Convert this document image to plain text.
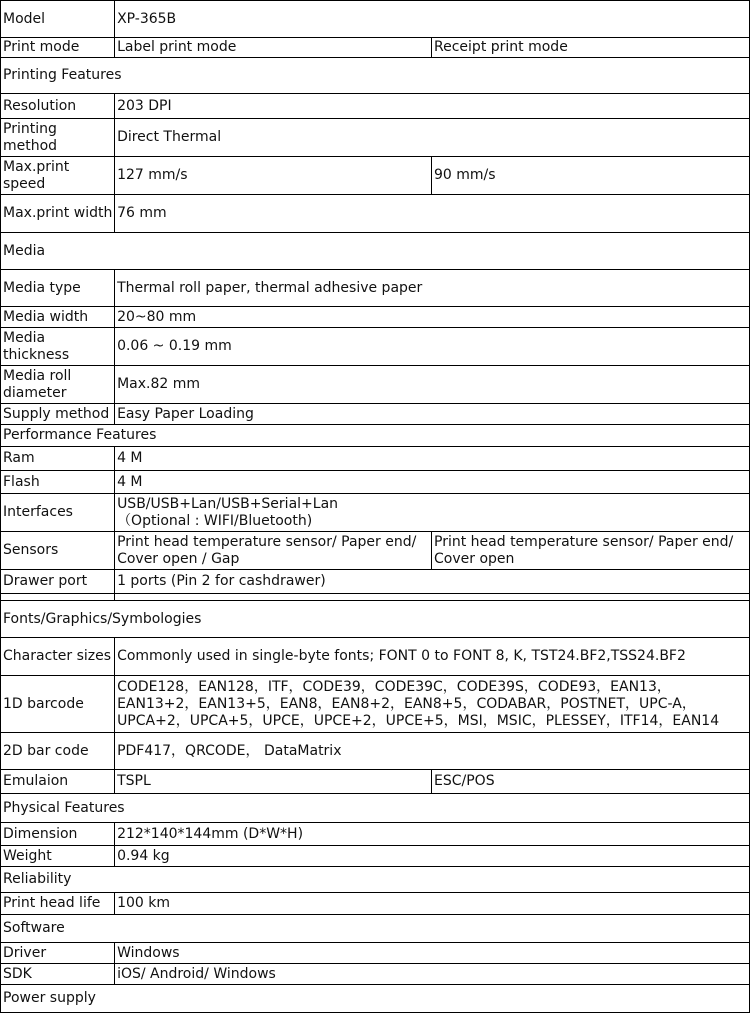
Model	XP-365B	
Print mode	Label print mode	Receipt print mode
Printing Features		
Resolution	203 DPI	
Printing method	Direct Thermal	
Max.print speed	127 mm/s	90 mm/s
Max.print width	76 mm	
Media		
Media type	Thermal roll paper, thermal adhesive paper	
Media width	20~80 mm	
Media thickness	0.06 ~ 0.19 mm	
Media roll diameter	Max.82 mm	
Supply method	Easy Paper Loading	
Performance Features		
Ram	4 M	
Flash	4 M	
Interfaces	USB/USB+Lan/USB+Serial+Lan
（Optional : WIFI/Bluetooth)	
Sensors	Print head temperature sensor/ Paper end/ Cover open / Gap	Print head temperature sensor/ Paper end/ Cover open
Drawer port	1 ports (Pin 2 for cashdrawer)	

Fonts/Graphics/Symbologies		
Character sizes	Commonly used in single-byte fonts; FONT 0 to FONT 8, K, TST24.BF2,TSS24.BF2	
1D barcode	CODE128，EAN128，ITF，CODE39，CODE39C，CODE39S，CODE93，EAN13，EAN13+2，EAN13+5，EAN8，EAN8+2，EAN8+5，CODABAR，POSTNET，UPC-A，UPCA+2，UPCA+5，UPCE，UPCE+2，UPCE+5，MSI，MSIC，PLESSEY，ITF14，EAN14	
2D bar code	PDF417，QRCODE， DataMatrix	
Emulaion	TSPL	ESC/POS
Physical Features		
Dimension	212*140*144mm (D*W*H)	
Weight	0.94 kg	
Reliability		
Print head life	100 km	
Software		
Driver	Windows	
SDK	iOS/ Android/ Windows	
Power supply		
